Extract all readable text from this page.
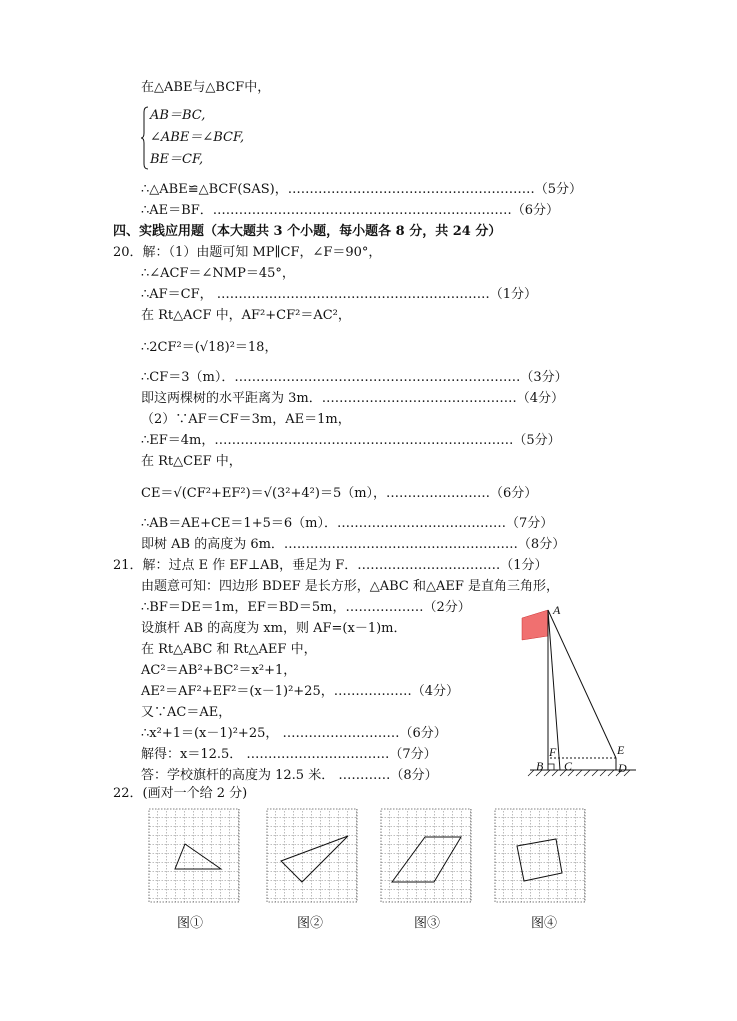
在△ABE与△BCF中，
AB＝BC,
∠ABE＝∠BCF,
BE＝CF,
∴△ABE≌△BCF(SAS)，…………………………………………………（5分）
∴AE＝BF．……………………………………………………………（6分）
四、实践应用题（本大题共 3 个小题，每小题各 8 分，共 24 分）
20．解：（1）由题可知 MP∥CF，∠F＝90°，
∴∠ACF＝∠NMP＝45°，
∴AF＝CF， ………………………………………………………（1分）
在 Rt△ACF 中，AF²+CF²＝AC²，
∴2CF²＝(√18)²＝18，
∴CF＝3（m）．…………………………………………………………（3分）
即这两棵树的水平距离为 3m．………………………………………（4分）
（2）∵AF＝CF＝3m，AE＝1m，
∴EF＝4m，……………………………………………………………（5分）
在 Rt△CEF 中，
CE＝√(CF²+EF²)＝√(3²+4²)＝5（m），……………………（6分）
∴AB＝AE+CE＝1+5＝6（m）．…………………………………（7分）
即树 AB 的高度为 6m．………………………………………………（8分）
21．解：过点 E 作 EF⊥AB，垂足为 F．……………………………（1分）
由题意可知：四边形 BDEF 是长方形，△ABC 和△AEF 是直角三角形，
∴BF＝DE＝1m，EF＝BD＝5m，………………（2分）
设旗杆 AB 的高度为 xm，则 AF=(x－1)m．
在 Rt△ABC 和 Rt△AEF 中，
AC²＝AB²+BC²＝x²+1，
AE²＝AF²+EF²＝(x－1)²+25，………………（4分）
又∵AC＝AE，
∴x²+1＝(x－1)²+25， ………………………（6分）
解得：x＝12.5． ……………………………（7分）
答：学校旗杆的高度为 12.5 米． …………（8分）
A
E
F
B C	D
22．(画对一个给 2 分)
图①	图②	图③	图④
